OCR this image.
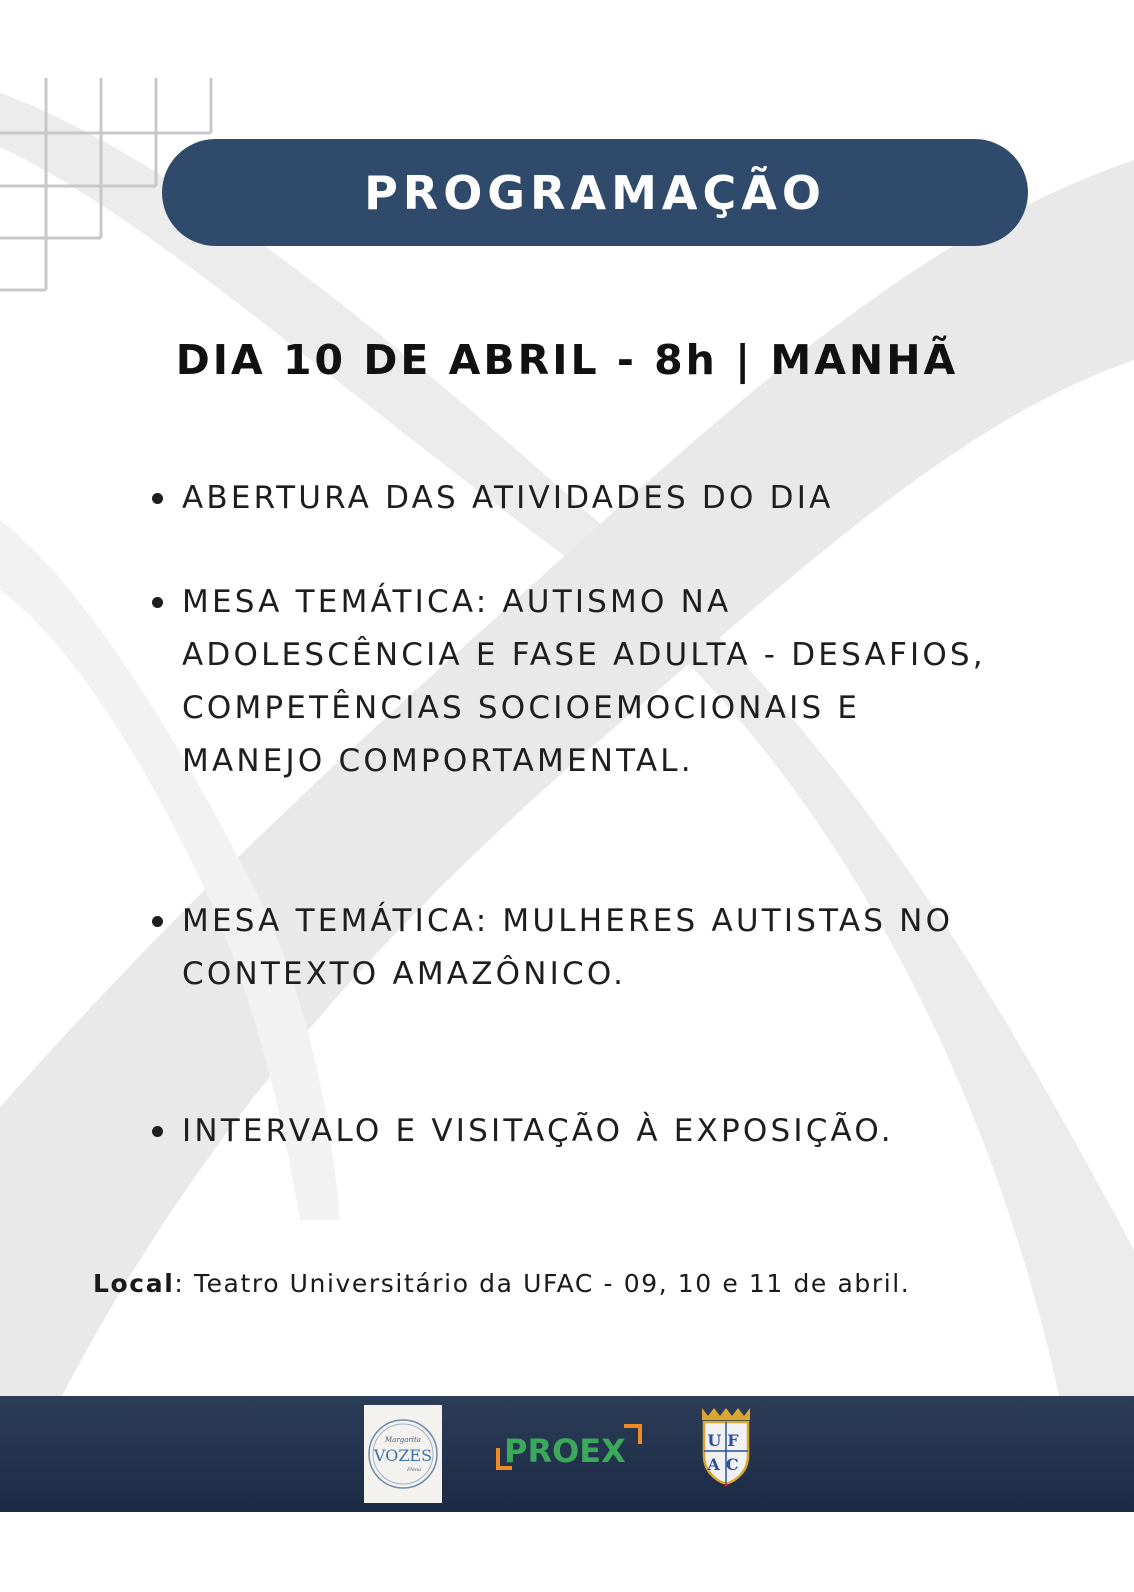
PROGRAMAÇÃO
DIA 10 DE ABRIL - 8h | MANHÃ
ABERTURA DAS ATIVIDADES DO DIA
MESA TEMÁTICA: AUTISMO NA ADOLESCÊNCIA E FASE ADULTA - DESAFIOS, COMPETÊNCIAS SOCIOEMOCIONAIS E MANEJO COMPORTAMENTAL.
MESA TEMÁTICA: MULHERES AUTISTAS NO CONTEXTO AMAZÔNICO.
INTERVALO E VISITAÇÃO À EXPOSIÇÃO.
Local: Teatro Universitário da UFAC - 09, 10 e 11 de abril.
Margarita
VOZES
Plena	PROEX	UF
AC
